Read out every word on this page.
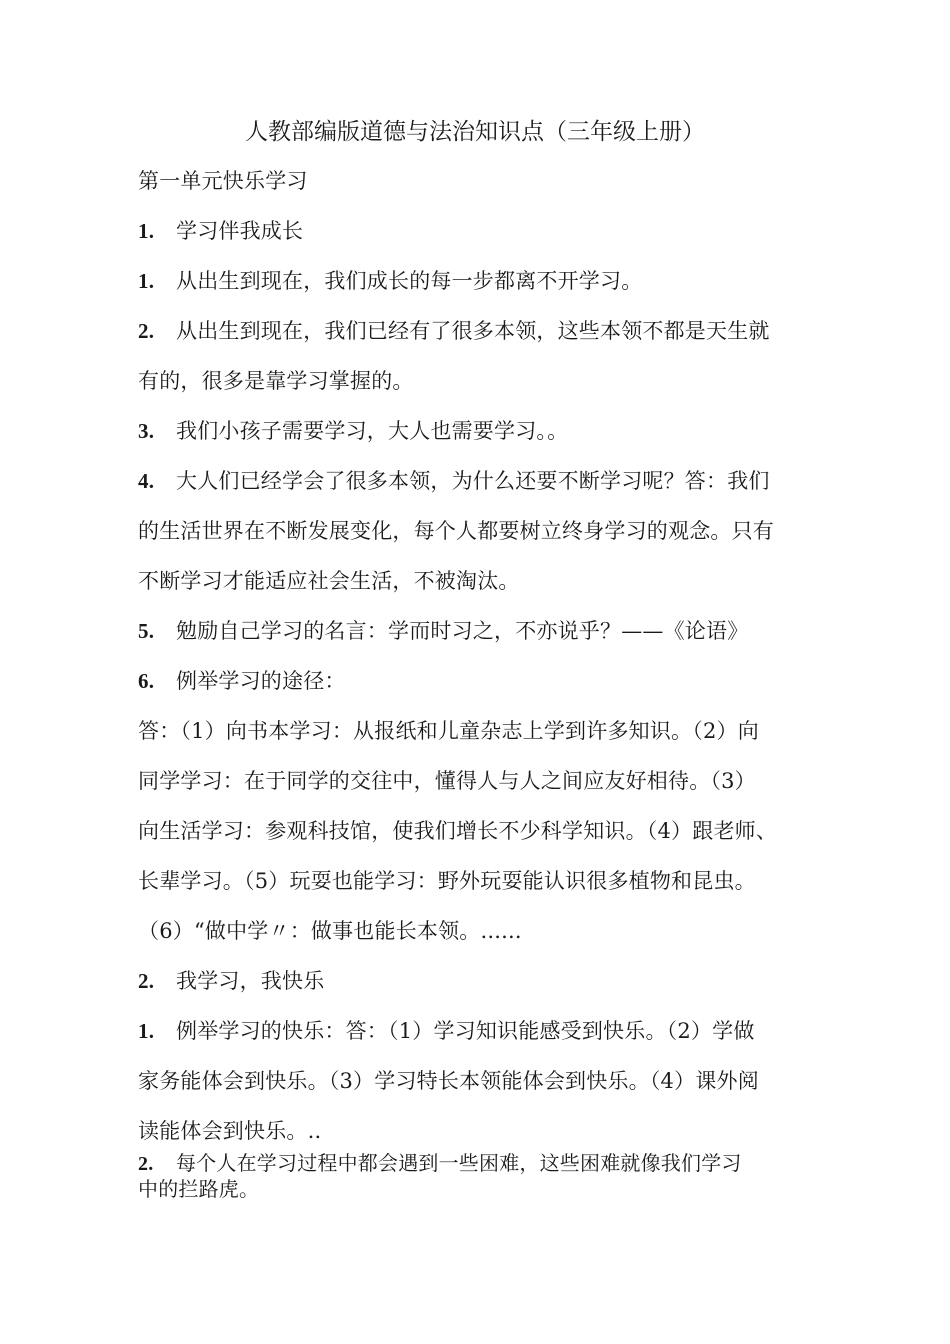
人教部编版道德与法治知识点（三年级上册）
第一单元快乐学习
1. 学习伴我成长
1. 从出生到现在，我们成长的每一步都离不开学习。
2. 从出生到现在，我们已经有了很多本领，这些本领不都是天生就
有的，很多是靠学习掌握的。
3. 我们小孩子需要学习，大人也需要学习。。
4. 大人们已经学会了很多本领，为什么还要不断学习呢？答：我们
的生活世界在不断发展变化，每个人都要树立终身学习的观念。只有
不断学习才能适应社会生活，不被淘汰。
5. 勉励自己学习的名言：学而时习之，不亦说乎？——《论语》
6. 例举学习的途径：
答：（1）向书本学习：从报纸和儿童杂志上学到许多知识。（2）向
同学学习：在于同学的交往中，懂得人与人之间应友好相待。（3）
向生活学习：参观科技馆，使我们增长不少科学知识。（4）跟老师、
长辈学习。（5）玩耍也能学习：野外玩耍能认识很多植物和昆虫。
（6）“做中学〃：做事也能长本领。......
2. 我学习，我快乐
1. 例举学习的快乐：答：（1）学习知识能感受到快乐。（2）学做
家务能体会到快乐。（3）学习特长本领能体会到快乐。（4）课外阅
读能体会到快乐。..
2. 每个人在学习过程中都会遇到一些困难，这些困难就像我们学习
中的拦路虎。
